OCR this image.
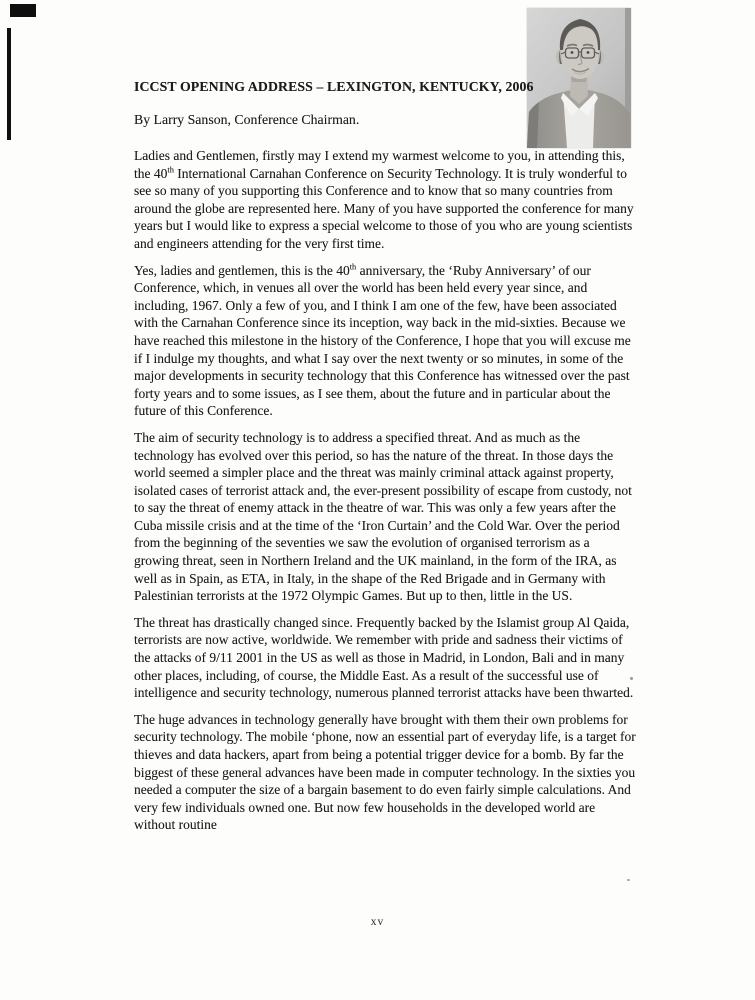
ICCST OPENING ADDRESS – LEXINGTON, KENTUCKY, 2006

By Larry Sanson, Conference Chairman.

Ladies and Gentlemen, firstly may I extend my warmest welcome to you, in attending this, the 40th International Carnahan Conference on Security Technology. It is truly wonderful to see so many of you supporting this Conference and to know that so many countries from around the globe are represented here. Many of you have supported the conference for many years but I would like to express a special welcome to those of you who are young scientists and engineers attending for the very first time.

Yes, ladies and gentlemen, this is the 40th anniversary, the ‘Ruby Anniversary’ of our Conference, which, in venues all over the world has been held every year since, and including, 1967. Only a few of you, and I think I am one of the few, have been associated with the Carnahan Conference since its inception, way back in the mid-sixties. Because we have reached this milestone in the history of the Conference, I hope that you will excuse me if I indulge my thoughts, and what I say over the next twenty or so minutes, in some of the major developments in security technology that this Conference has witnessed over the past forty years and to some issues, as I see them, about the future and in particular about the future of this Conference.

The aim of security technology is to address a specified threat. And as much as the technology has evolved over this period, so has the nature of the threat. In those days the world seemed a simpler place and the threat was mainly criminal attack against property, isolated cases of terrorist attack and, the ever-present possibility of escape from custody, not to say the threat of enemy attack in the theatre of war. This was only a few years after the Cuba missile crisis and at the time of the ‘Iron Curtain’ and the Cold War. Over the period from the beginning of the seventies we saw the evolution of organised terrorism as a growing threat, seen in Northern Ireland and the UK mainland, in the form of the IRA, as well as in Spain, as ETA, in Italy, in the shape of the Red Brigade and in Germany with Palestinian terrorists at the 1972 Olympic Games. But up to then, little in the US.

The threat has drastically changed since. Frequently backed by the Islamist group Al Qaida, terrorists are now active, worldwide. We remember with pride and sadness their victims of the attacks of 9/11 2001 in the US as well as those in Madrid, in London, Bali and in many other places, including, of course, the Middle East. As a result of the successful use of intelligence and security technology, numerous planned terrorist attacks have been thwarted.

The huge advances in technology generally have brought with them their own problems for security technology. The mobile ‘phone, now an essential part of everyday life, is a target for thieves and data hackers, apart from being a potential trigger device for a bomb. By far the biggest of these general advances have been made in computer technology. In the sixties you needed a computer the size of a bargain basement to do even fairly simple calculations. And very few individuals owned one. But now few households in the developed world are without routine

xv
